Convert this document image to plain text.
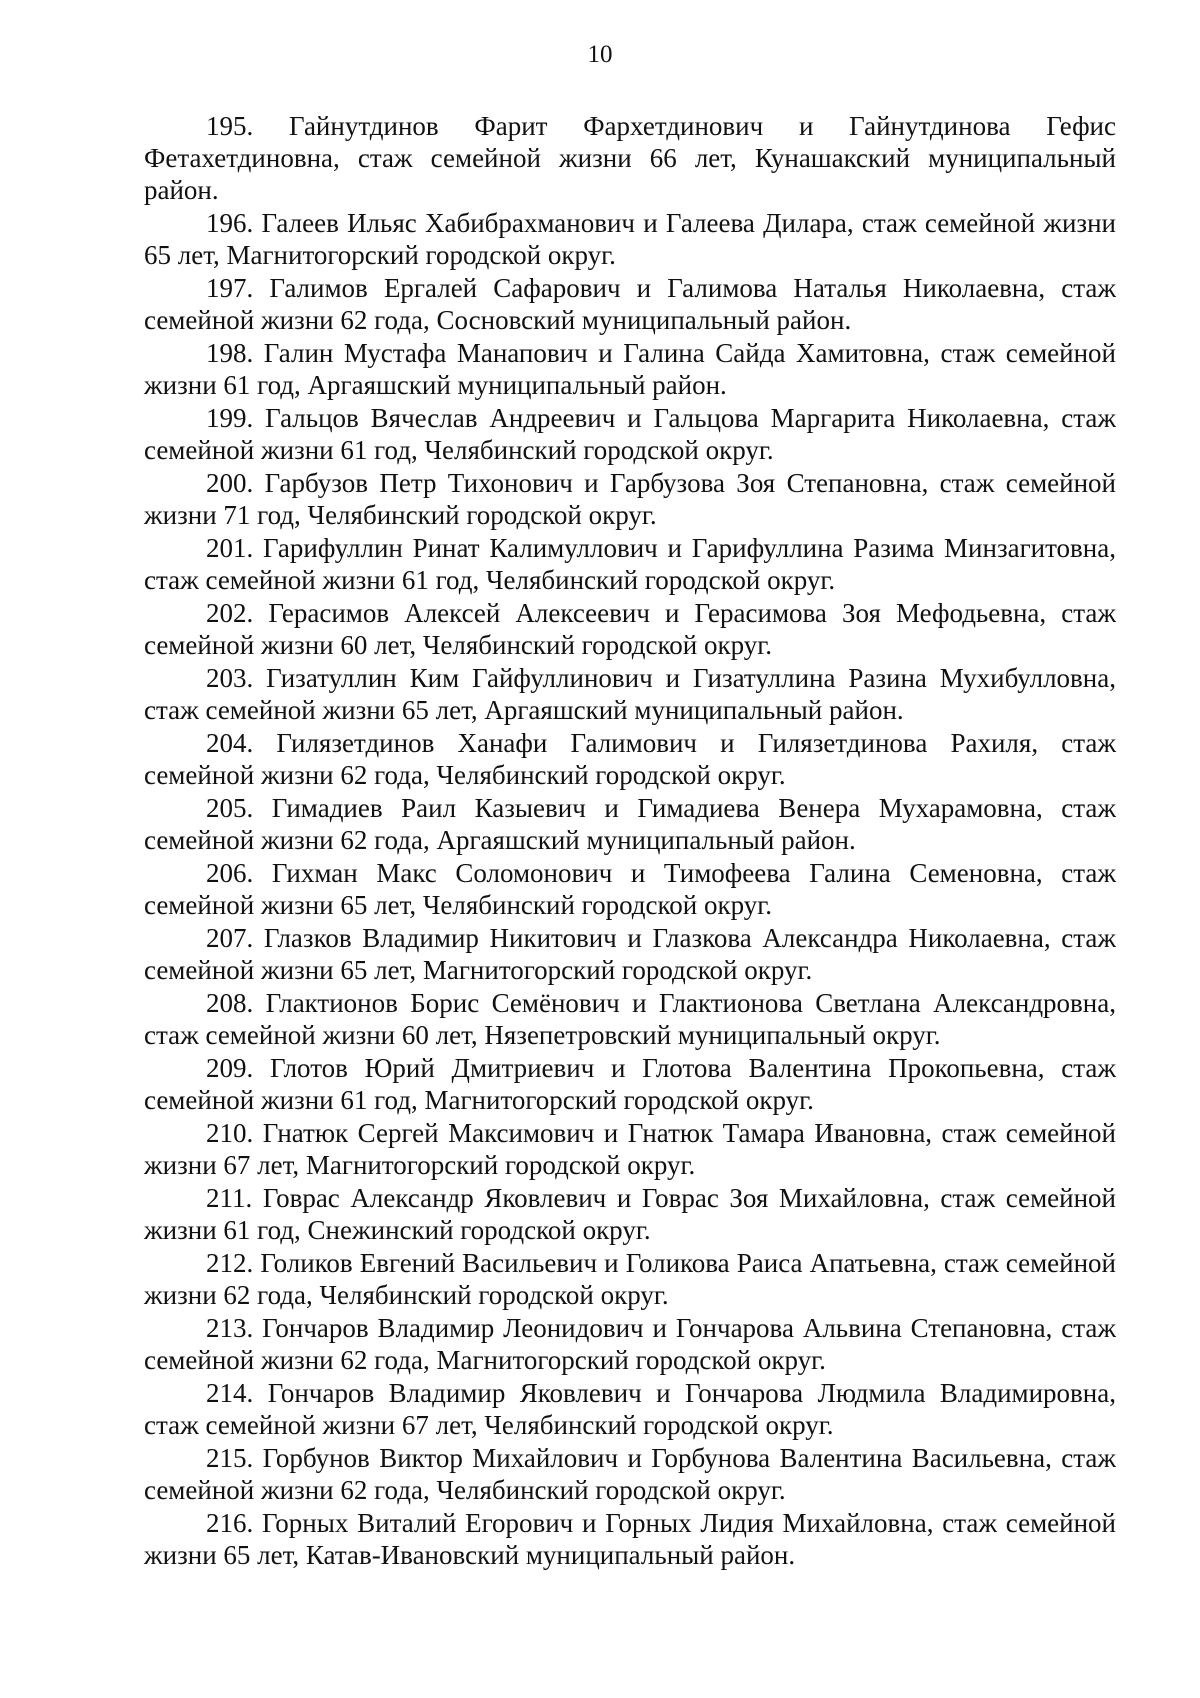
10

195. Гайнутдинов Фарит Фархетдинович и Гайнутдинова Гефис Фетахетдиновна, стаж семейной жизни 66 лет, Кунашакский муниципальный район.

196. Галеев Ильяс Хабибрахманович и Галеева Дилара, стаж семейной жизни 65 лет, Магнитогорский городской округ.

197. Галимов Ергалей Сафарович и Галимова Наталья Николаевна, стаж семейной жизни 62 года, Сосновский муниципальный район.

198. Галин Мустафа Манапович и Галина Сайда Хамитовна, стаж семейной жизни 61 год, Аргаяшский муниципальный район.

199. Гальцов Вячеслав Андреевич и Гальцова Маргарита Николаевна, стаж семейной жизни 61 год, Челябинский городской округ.

200. Гарбузов Петр Тихонович и Гарбузова Зоя Степановна, стаж семейной жизни 71 год, Челябинский городской округ.

201. Гарифуллин Ринат Калимуллович и Гарифуллина Разима Минзагитовна, стаж семейной жизни 61 год, Челябинский городской округ.

202. Герасимов Алексей Алексеевич и Герасимова Зоя Мефодьевна, стаж семейной жизни 60 лет, Челябинский городской округ.

203. Гизатуллин Ким Гайфуллинович и Гизатуллина Разина Мухибулловна, стаж семейной жизни 65 лет, Аргаяшский муниципальный район.

204. Гилязетдинов Ханафи Галимович и Гилязетдинова Рахиля, стаж семейной жизни 62 года, Челябинский городской округ.

205. Гимадиев Раил Казыевич и Гимадиева Венера Мухарамовна, стаж семейной жизни 62 года, Аргаяшский муниципальный район.

206. Гихман Макс Соломонович и Тимофеева Галина Семеновна, стаж семейной жизни 65 лет, Челябинский городской округ.

207. Глазков Владимир Никитович и Глазкова Александра Николаевна, стаж семейной жизни 65 лет, Магнитогорский городской округ.

208. Глактионов Борис Семёнович и Глактионова Светлана Александровна, стаж семейной жизни 60 лет, Нязепетровский муниципальный округ.

209. Глотов Юрий Дмитриевич и Глотова Валентина Прокопьевна, стаж семейной жизни 61 год, Магнитогорский городской округ.

210. Гнатюк Сергей Максимович и Гнатюк Тамара Ивановна, стаж семейной жизни 67 лет, Магнитогорский городской округ.

211. Говрас Александр Яковлевич и Говрас Зоя Михайловна, стаж семейной жизни 61 год, Снежинский городской округ.

212. Голиков Евгений Васильевич и Голикова Раиса Апатьевна, стаж семейной жизни 62 года, Челябинский городской округ.

213. Гончаров Владимир Леонидович и Гончарова Альвина Степановна, стаж семейной жизни 62 года, Магнитогорский городской округ.

214. Гончаров Владимир Яковлевич и Гончарова Людмила Владимировна, стаж семейной жизни 67 лет, Челябинский городской округ.

215. Горбунов Виктор Михайлович и Горбунова Валентина Васильевна, стаж семейной жизни 62 года, Челябинский городской округ.

216. Горных Виталий Егорович и Горных Лидия Михайловна, стаж семейной жизни 65 лет, Катав-Ивановский муниципальный район.
